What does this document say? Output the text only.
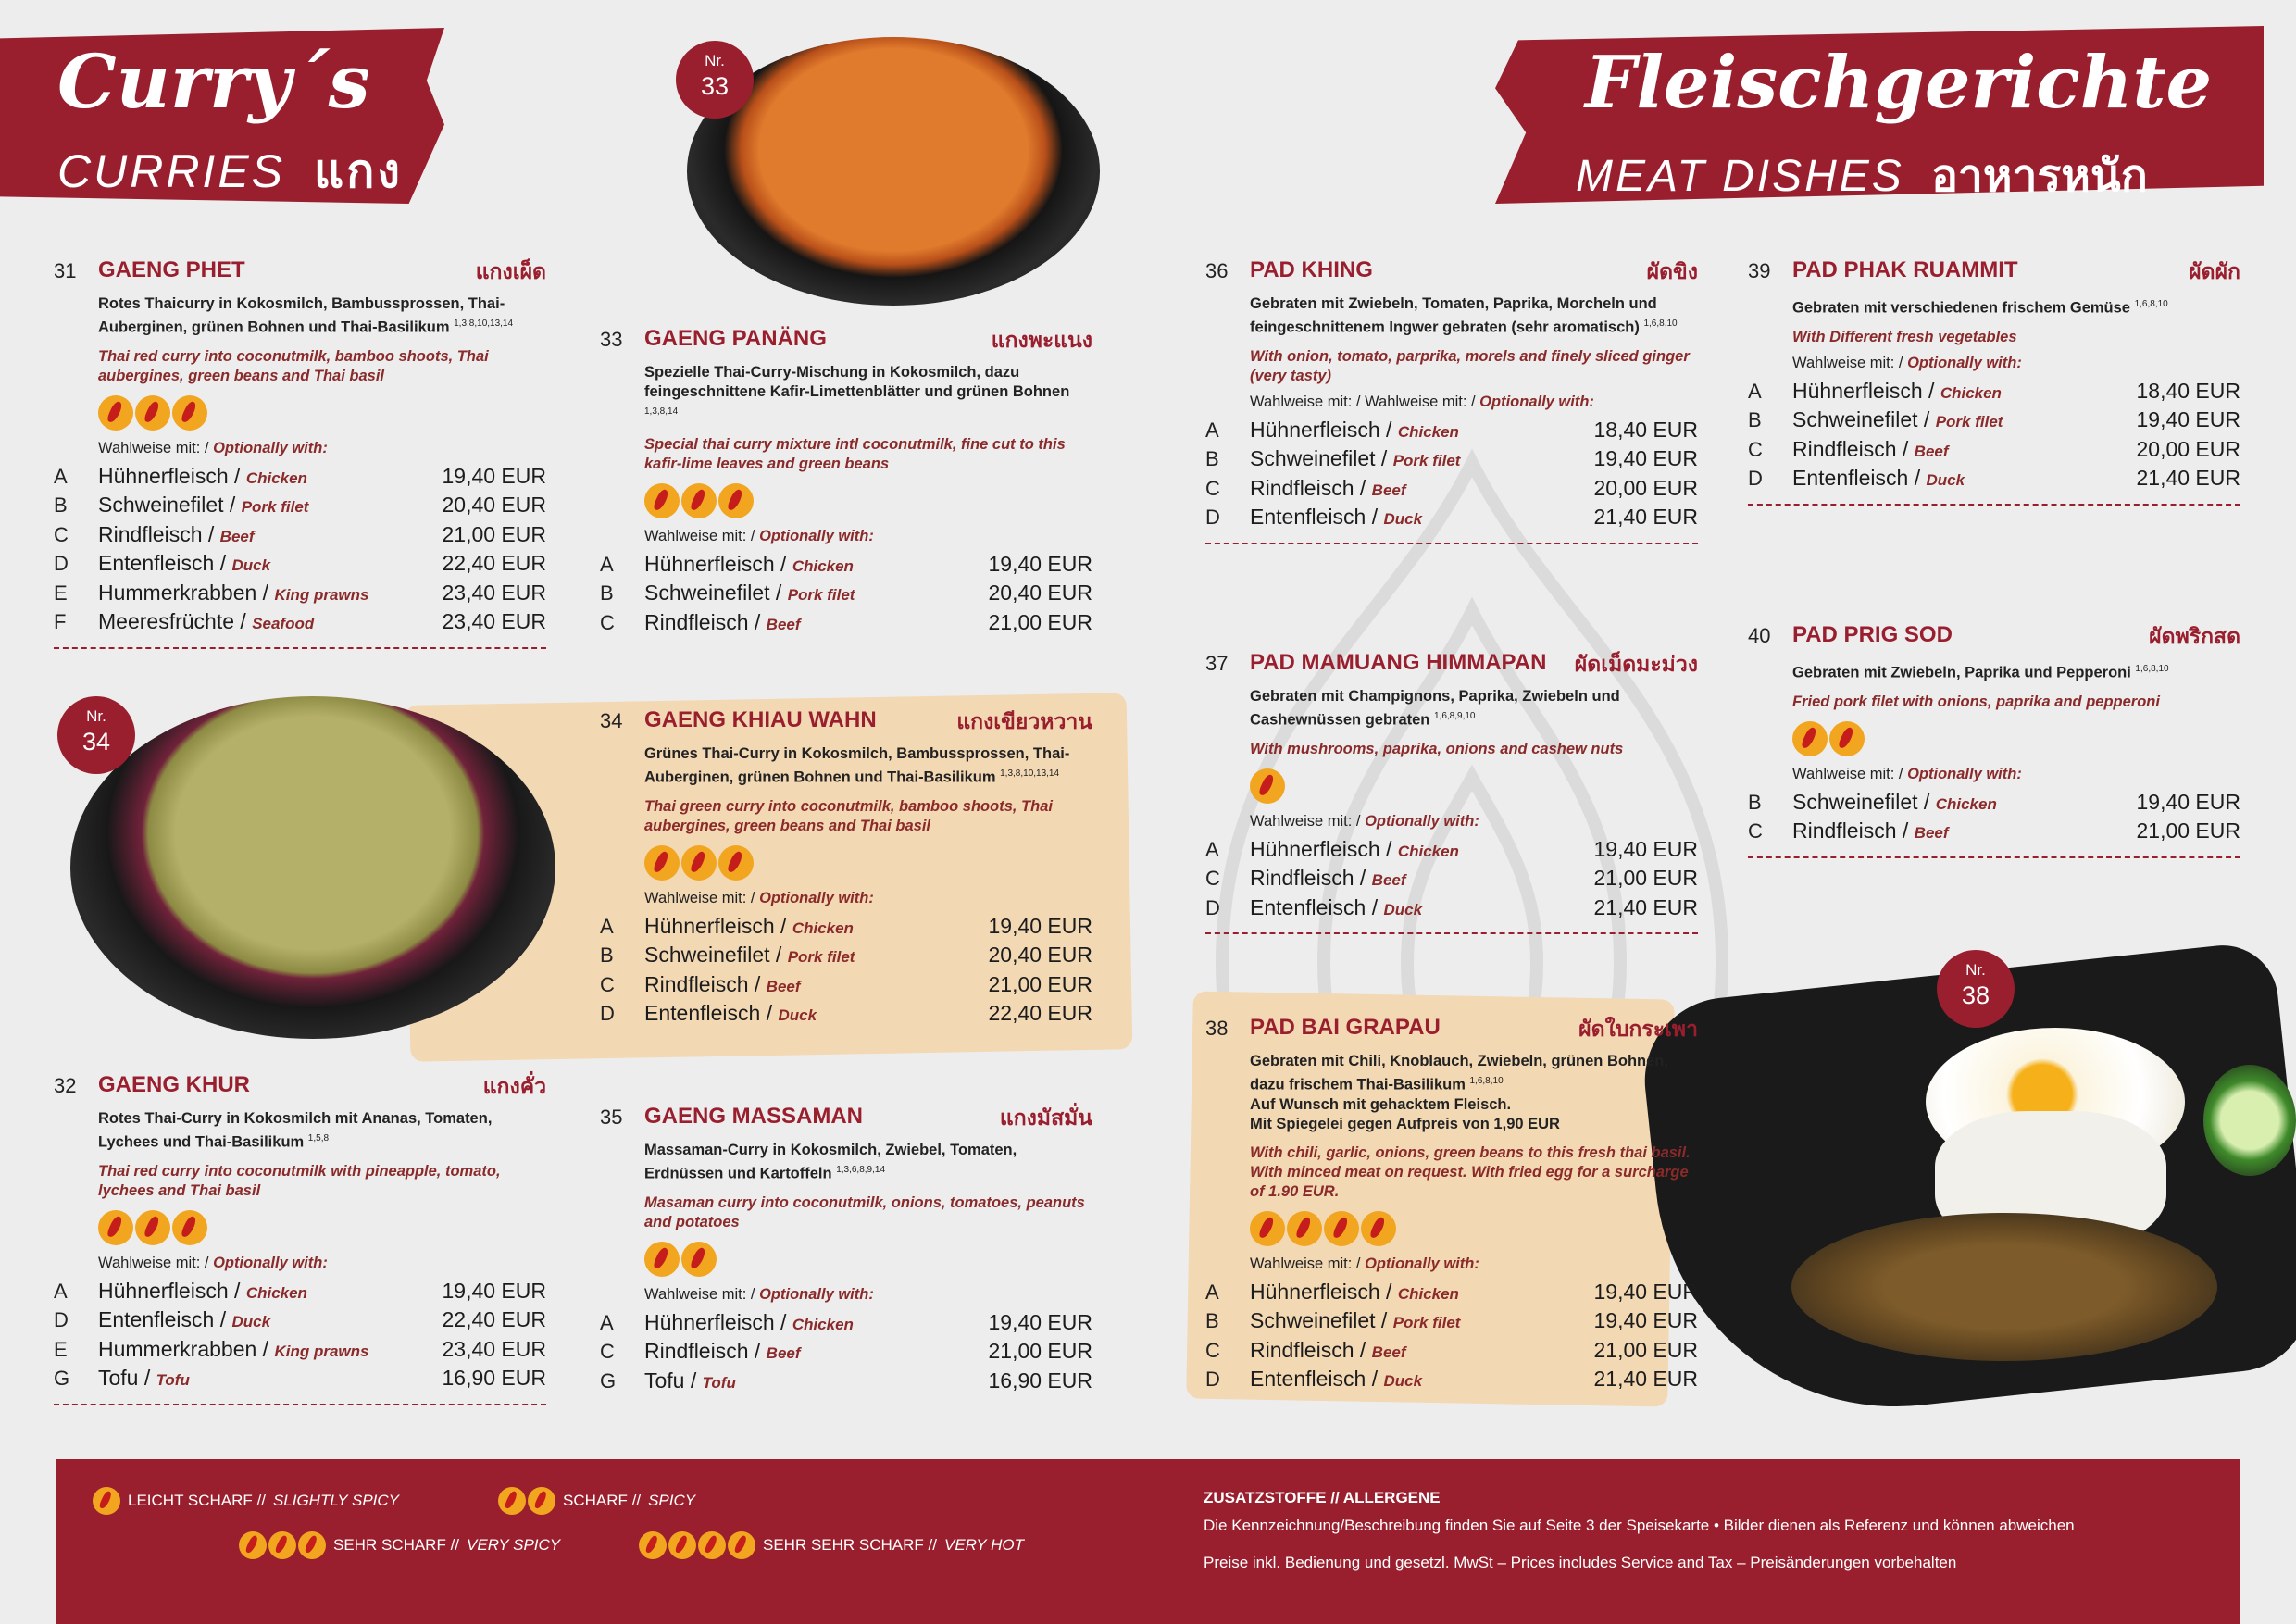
Curry´s
CURRIES แกง
Fleischgerichte
MEAT DISHES อาหารหนัก
Nr.
33
Nr.
34
Nr.
38
31 GAENG PHET	แกงเผ็ด
Rotes Thaicurry in Kokosmilch, Bambussprossen, Thai-Auberginen, grünen Bohnen und Thai-Basilikum $^{1,3,8,10,13,14}$
Thai red curry into coconutmilk, bamboo shoots, Thai aubergines, green beans and Thai basil
Wahlweise mit: / Optionally with:
A Hühnerfleisch / Chicken	19,40 EUR
B Schweinefilet / Pork filet	20,40 EUR
C Rindfleisch / Beef	21,00 EUR
D Entenfleisch / Duck	22,40 EUR
E Hummerkrabben / King prawns	23,40 EUR
F Meeresfrüchte / Seafood	23,40 EUR
32 GAENG KHUR	แกงคั่ว
Rotes Thai-Curry in Kokosmilch mit Ananas, Tomaten, Lychees und Thai-Basilikum $^{1,5,8}$
Thai red curry into coconutmilk with pineapple, tomato, lychees and Thai basil
Wahlweise mit: / Optionally with:
A Hühnerfleisch / Chicken	19,40 EUR
D Entenfleisch / Duck	22,40 EUR
E Hummerkrabben / King prawns	23,40 EUR
G Tofu / Tofu	16,90 EUR
33 GAENG PANÄNG	แกงพะแนง
Spezielle Thai-Curry-Mischung in Kokosmilch, dazu feingeschnittene Kafir-Limettenblätter und grünen Bohnen $^{1,3,8,14}$
Special thai curry mixture intl coconutmilk, fine cut to this kafir-lime leaves and green beans
Wahlweise mit: / Optionally with:
A Hühnerfleisch / Chicken	19,40 EUR
B Schweinefilet / Pork filet	20,40 EUR
C Rindfleisch / Beef	21,00 EUR
34 GAENG KHIAU WAHN	แกงเขียวหวาน
Grünes Thai-Curry in Kokosmilch, Bambussprossen, Thai-Auberginen, grünen Bohnen und Thai-Basilikum $^{1,3,8,10,13,14}$
Thai green curry into coconutmilk, bamboo shoots, Thai aubergines, green beans and Thai basil
Wahlweise mit: / Optionally with:
A Hühnerfleisch / Chicken	19,40 EUR
B Schweinefilet / Pork filet	20,40 EUR
C Rindfleisch / Beef	21,00 EUR
D Entenfleisch / Duck	22,40 EUR
35 GAENG MASSAMAN	แกงมัสมั่น
Massaman-Curry in Kokosmilch, Zwiebel, Tomaten, Erdnüssen und Kartoffeln $^{1,3,6,8,9,14}$
Masaman curry into coconutmilk, onions, tomatoes, peanuts and potatoes
Wahlweise mit: / Optionally with:
A Hühnerfleisch / Chicken	19,40 EUR
C Rindfleisch / Beef	21,00 EUR
G Tofu / Tofu	16,90 EUR
36 PAD KHING	ผัดขิง
Gebraten mit Zwiebeln, Tomaten, Paprika, Morcheln und feingeschnittenem Ingwer gebraten (sehr aromatisch) $^{1,6,8,10}$
With onion, tomato, parprika, morels and finely sliced ginger (very tasty)
Wahlweise mit: / Wahlweise mit: / Optionally with:
A Hühnerfleisch / Chicken	18,40 EUR
B Schweinefilet / Pork filet	19,40 EUR
C Rindfleisch / Beef	20,00 EUR
D Entenfleisch / Duck	21,40 EUR
37 PAD MAMUANG HIMMAPAN ผัดเม็ดมะม่วง
Gebraten mit Champignons, Paprika, Zwiebeln und Cashewnüssen gebraten $^{1,6,8,9,10}$
With mushrooms, paprika, onions and cashew nuts
Wahlweise mit: / Optionally with:
A Hühnerfleisch / Chicken	19,40 EUR
C Rindfleisch / Beef	21,00 EUR
D Entenfleisch / Duck	21,40 EUR
38 PAD BAI GRAPAU	ผัดใบกระเพา
Gebraten mit Chili, Knoblauch, Zwiebeln, grünen Bohnen, dazu frischem Thai-Basilikum $^{1,6,8,10}$
Auf Wunsch mit gehacktem Fleisch.
Mit Spiegelei gegen Aufpreis von 1,90 EUR
With chili, garlic, onions, green beans to this fresh thai basil. With minced meat on request. With fried egg for a surcharge of 1.90 EUR.
Wahlweise mit: / Optionally with:
A Hühnerfleisch / Chicken	19,40 EUR
B Schweinefilet / Pork filet	19,40 EUR
C Rindfleisch / Beef	21,00 EUR
D Entenfleisch / Duck	21,40 EUR
39 PAD PHAK RUAMMIT	ผัดผัก
Gebraten mit verschiedenen frischem Gemüse $^{1,6,8,10}$
With Different fresh vegetables
Wahlweise mit: / Optionally with:
A Hühnerfleisch / Chicken	18,40 EUR
B Schweinefilet / Pork filet	19,40 EUR
C Rindfleisch / Beef	20,00 EUR
D Entenfleisch / Duck	21,40 EUR
40 PAD PRIG SOD	ผัดพริกสด
Gebraten mit Zwiebeln, Paprika und Pepperoni $^{1,6,8,10}$
Fried pork filet with onions, paprika and pepperoni
Wahlweise mit: / Optionally with:
B Schweinefilet / Chicken	19,40 EUR
C Rindfleisch / Beef	21,00 EUR
LEICHT SCHARF // SLIGHTLY SPICY	SCHARF // SPICY
SEHR SCHARF // VERY SPICY	SEHR SEHR SCHARF // VERY HOT
ZUSATZSTOFFE // ALLERGENE
Die Kennzeichnung/Beschreibung finden Sie auf Seite 3 der Speisekarte • Bilder dienen als Referenz und können abweichen
Preise inkl. Bedienung und gesetzl. MwSt – Prices includes Service and Tax – Preisänderungen vorbehalten
